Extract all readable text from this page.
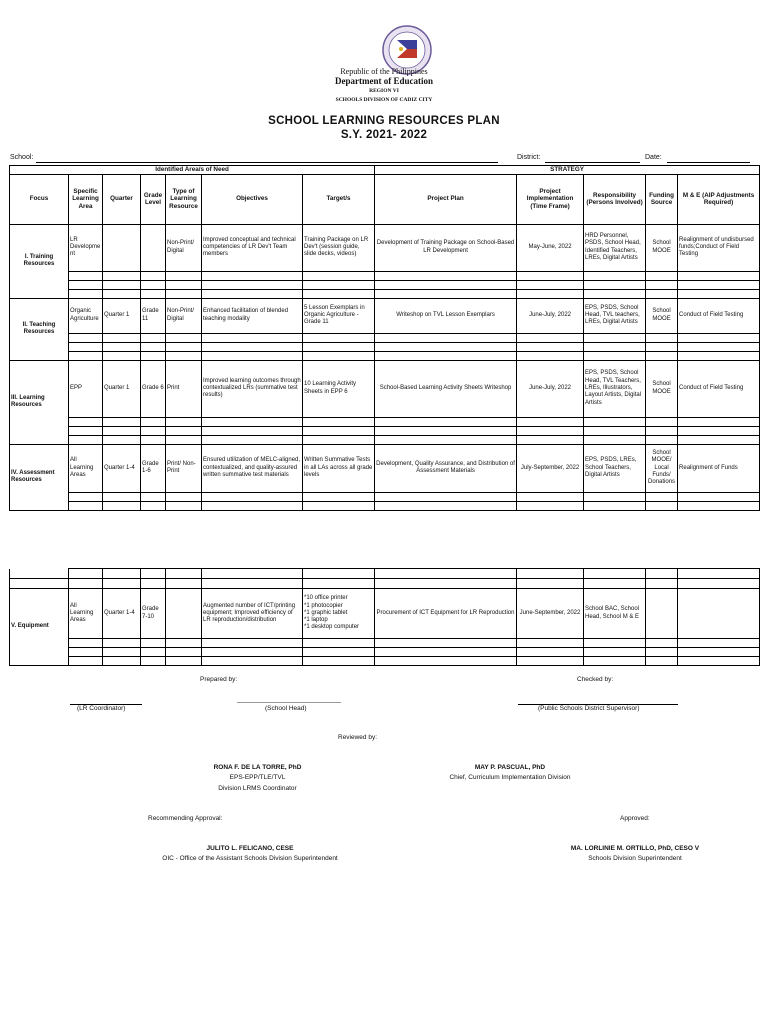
Republic of the Philippines
Department of Education
REGION VI
SCHOOLS DIVISION OF CADIZ CITY
SCHOOL LEARNING RESOURCES PLAN
S.Y. 2021- 2022
School:	District:	Date:
Identified Area/s of Need							STRATEGY				
Focus	Specific Learning Area	Quarter	Grade Level	Type of Learning Resource	Objectives	Target/s	Project Plan	Project Implementation (Time Frame)	Responsibility (Persons Involved)	Funding Source	M & E (AIP Adjustments Required)
I. Training Resources	LR Development			Non-Print/ Digital	Improved conceptual and technical competencies of LR Dev't Team members	Training Package on LR Dev't (session guide, slide decks, videos)	Development of Training Package on School-Based LR Development	May-June, 2022	HRD Personnel, PSDS, School Head, Identified Teachers, LREs, Digital Artists	School MOOE	Realignment of undisbursed funds;Conduct of Field Testing

II. Teaching Resources	Organic Agriculture	Quarter 1	Grade 11	Non-Print/ Digital	Enhanced facilitation of blended teaching modality	5 Lesson Exemplars in Organic Agriculture - Grade 11	Writeshop on TVL Lesson Exemplars	June-July, 2022	EPS, PSDS, School Head, TVL teachers, LREs, Digital Artists	School MOOE	Conduct of Field Testing

III. Learning Resources	EPP	Quarter 1	Grade 6	Print	Improved learning outcomes through contextualized LRs (summative test results)	10 Learning Activity Sheets in EPP 6	School-Based Learning Activity Sheets Writeshop	June-July, 2022	EPS, PSDS, School Head, TVL Teachers, LREs, Illustrators, Layout Artists, Digital Artists	School MOOE	Conduct of Field Testing

IV. Assessment Resources	All Learning Areas	Quarter 1-4	Grade 1-6	Print/ Non-Print	Ensured utilization of MELC-aligned, contextualized, and quality-assured written summative test materials	Written Summative Tests in all LAs across all grade levels	Development, Quality Assurance, and Distribution of Assessment Materials	July-September, 2022	EPS, PSDS, LREs, School Teachers, Digital Artists	School MOOE/ Local Funds/ Donations	Realignment of Funds

V. Equipment	All Learning Areas	Quarter 1-4	Grade 7-10		Augmented number of ICT/printing equipment; Improved efficiency of LR reproduction/distribution	*10 office printer
*1 photocopier
*1 graphic tablet
*1 laptop
*1 desktop computer	Procurement of ICT Equipment for LR Reproduction	June-September, 2022	School BAC, School Head, School M & E		

Prepared by:	Checked by:
(LR Coordinator)	(School Head)	(Public Schools District Supervisor)
Reviewed by:
RONA F. DE LA TORRE, PhD
EPS-EPP/TLE/TVL
Division LRMS Coordinator
MAY P. PASCUAL, PhD
Chief, Curriculum Implementation Division
Recommending Approval:	Approved:
JULITO L. FELICANO, CESE
OIC - Office of the Assistant Schools Division Superintendent
MA. LORLINIE M. ORTILLO, PhD, CESO V
Schools Division Superintendent
